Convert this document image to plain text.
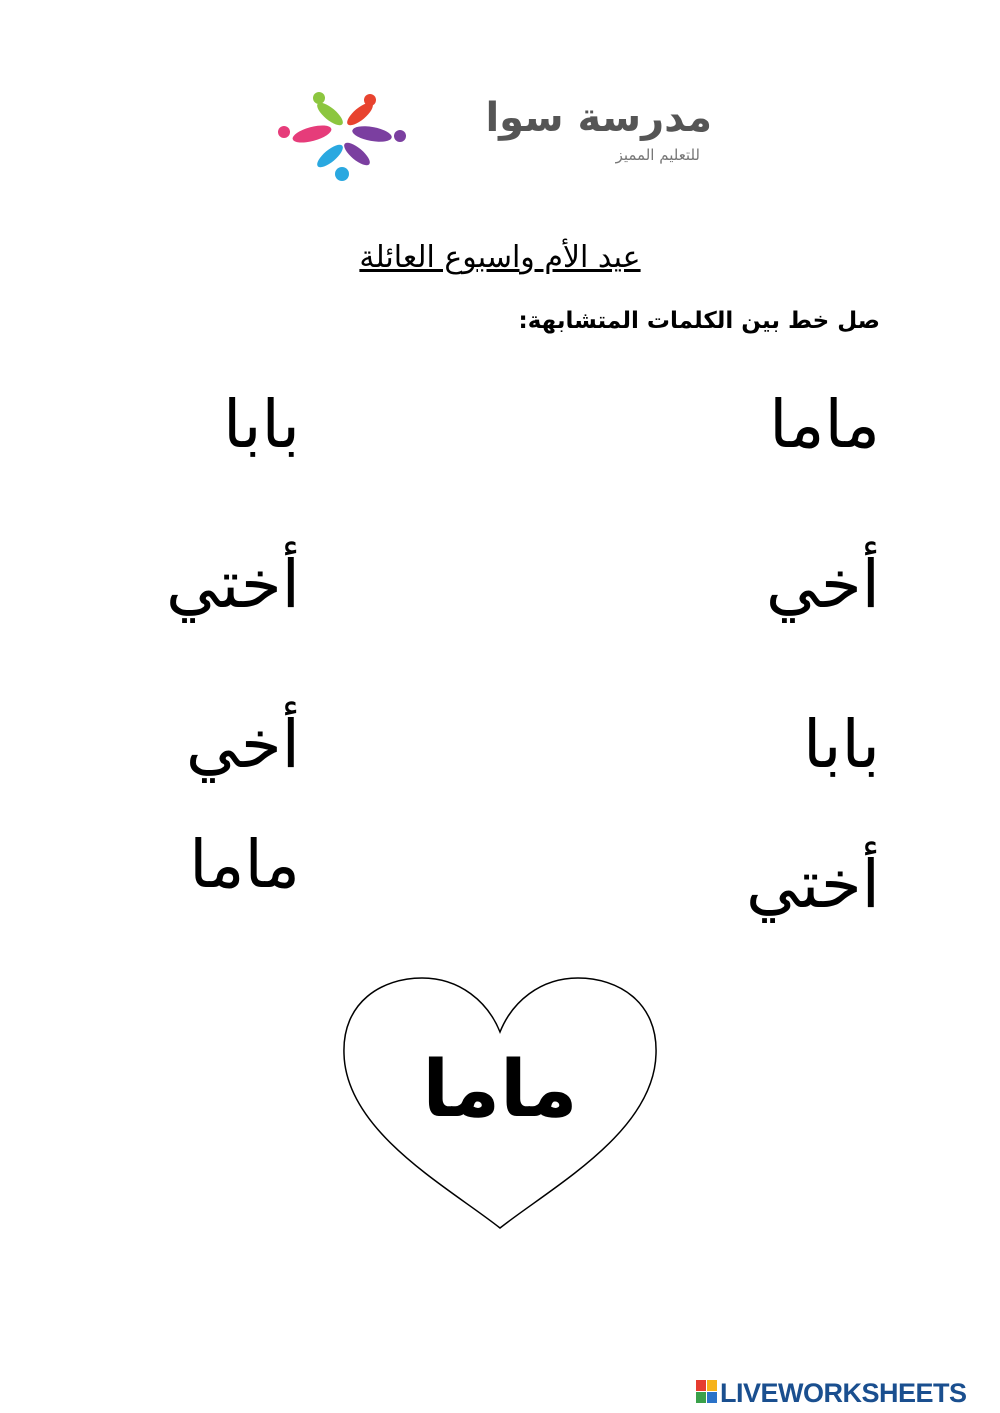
مدرسة سوا
للتعليم المميز
عيد الأم واسبوع العائلة
صل خط بين الكلمات المتشابهة:
ماما
أخي
بابا
أختي
بابا
أختي
أخي
ماما
ماما
LIVEWORKSHEETS
